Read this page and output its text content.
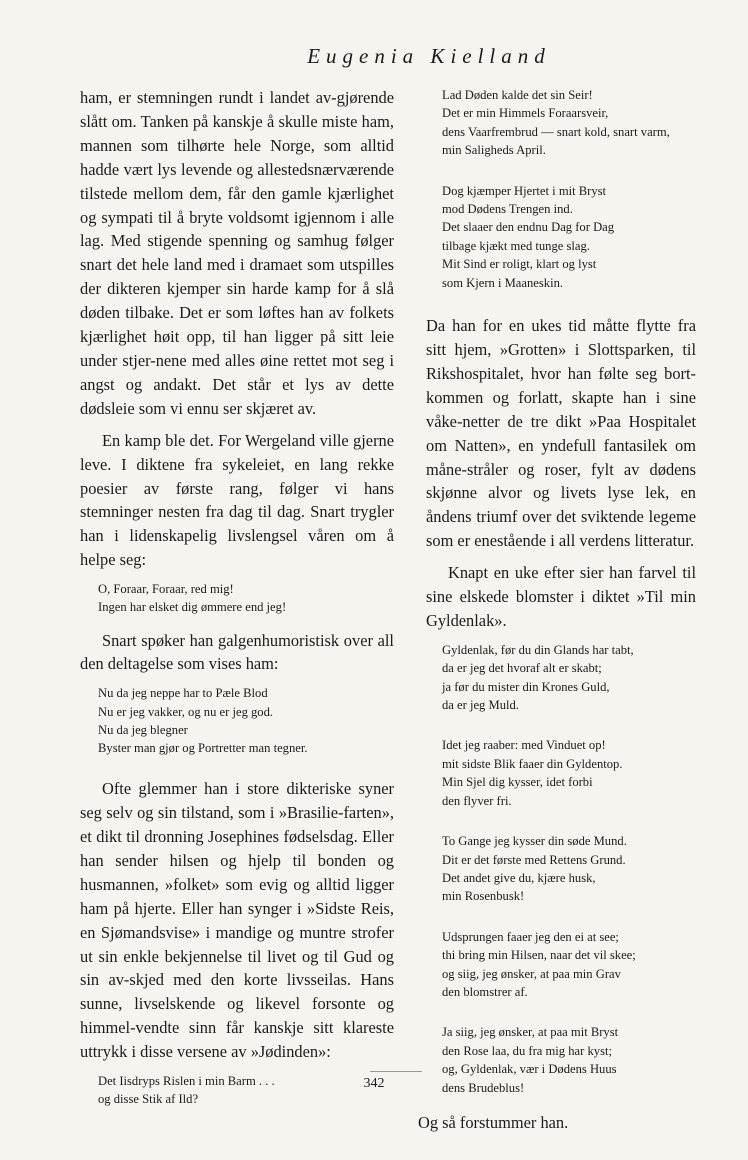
Eugenia Kielland

ham, er stemningen rundt i landet av-gjørende slått om. Tanken på kanskje å skulle miste ham, mannen som tilhørte hele Norge, som alltid hadde vært lys levende og allestedsnærværende tilstede mellom dem, får den gamle kjærlighet og sympati til å bryte voldsomt igjennom i alle lag. Med stigende spenning og samhug følger snart det hele land med i dramaet som utspilles der dikteren kjemper sin harde kamp for å slå døden tilbake. Det er som løftes han av folkets kjærlighet høit opp, til han ligger på sitt leie under stjer-nene med alles øine rettet mot seg i angst og andakt. Det står et lys av dette dødsleie som vi ennu ser skjæret av.

En kamp ble det. For Wergeland ville gjerne leve. I diktene fra sykeleiet, en lang rekke poesier av første rang, følger vi hans stemninger nesten fra dag til dag. Snart trygler han i lidenskapelig livslengsel våren om å helpe seg:

O, Foraar, Foraar, red mig!
Ingen har elsket dig ømmere end jeg!

Snart spøker han galgenhumoristisk over all den deltagelse som vises ham:

Nu da jeg neppe har to Pæle Blod
Nu er jeg vakker, og nu er jeg god.
Nu da jeg blegner
Byster man gjør og Portretter man tegner.

Ofte glemmer han i store dikteriske syner seg selv og sin tilstand, som i »Brasilie-farten», et dikt til dronning Josephines fødselsdag. Eller han sender hilsen og hjelp til bonden og husmannen, »folket» som evig og alltid ligger ham på hjerte. Eller han synger i »Sidste Reis, en Sjømandsvise» i mandige og muntre strofer ut sin enkle bekjennelse til livet og til Gud og sin av-skjed med den korte livsseilas. Hans sunne, livselskende og likevel forsonte og himmel-vendte sinn får kanskje sitt klareste uttrykk i disse versene av »Jødinden»:

Det Iisdryps Rislen i min Barm . . .
og disse Stik af Ild?
Lad Døden kalde det sin Seir!
Det er min Himmels Foraarsveir,
dens Vaarfrembrud — snart kold, snart varm,
min Saligheds April.
Dog kjæmper Hjertet i mit Bryst
mod Dødens Trengen ind.
Det slaaer den endnu Dag for Dag
tilbage kjækt med tunge slag.
Mit Sind er roligt, klart og lyst
som Kjern i Maaneskin.

Da han for en ukes tid måtte flytte fra sitt hjem, »Grotten» i Slottsparken, til Rikshospitalet, hvor han følte seg bort-kommen og forlatt, skapte han i sine våke-netter de tre dikt »Paa Hospitalet om Natten», en yndefull fantasilek om måne-stråler og roser, fylt av dødens skjønne alvor og livets lyse lek, en åndens triumf over det sviktende legeme som er enestående i all verdens litteratur.

Knapt en uke efter sier han farvel til sine elskede blomster i diktet »Til min Gyldenlak».

Gyldenlak, før du din Glands har tabt,
da er jeg det hvoraf alt er skabt;
ja før du mister din Krones Guld,
da er jeg Muld.
Idet jeg raaber: med Vinduet op!
mit sidste Blik faaer din Gyldentop.
Min Sjel dig kysser, idet forbi
den flyver fri.
To Gange jeg kysser din søde Mund.
Dit er det første med Rettens Grund.
Det andet give du, kjære husk,
min Rosenbusk!
Udsprungen faaer jeg den ei at see;
thi bring min Hilsen, naar det vil skee;
og siig, jeg ønsker, at paa min Grav
den blomstrer af.
Ja siig, jeg ønsker, at paa mit Bryst
den Rose laa, du fra mig har kyst;
og, Gyldenlak, vær i Dødens Huus
dens Brudeblus!

Og så forstummer han.

342
